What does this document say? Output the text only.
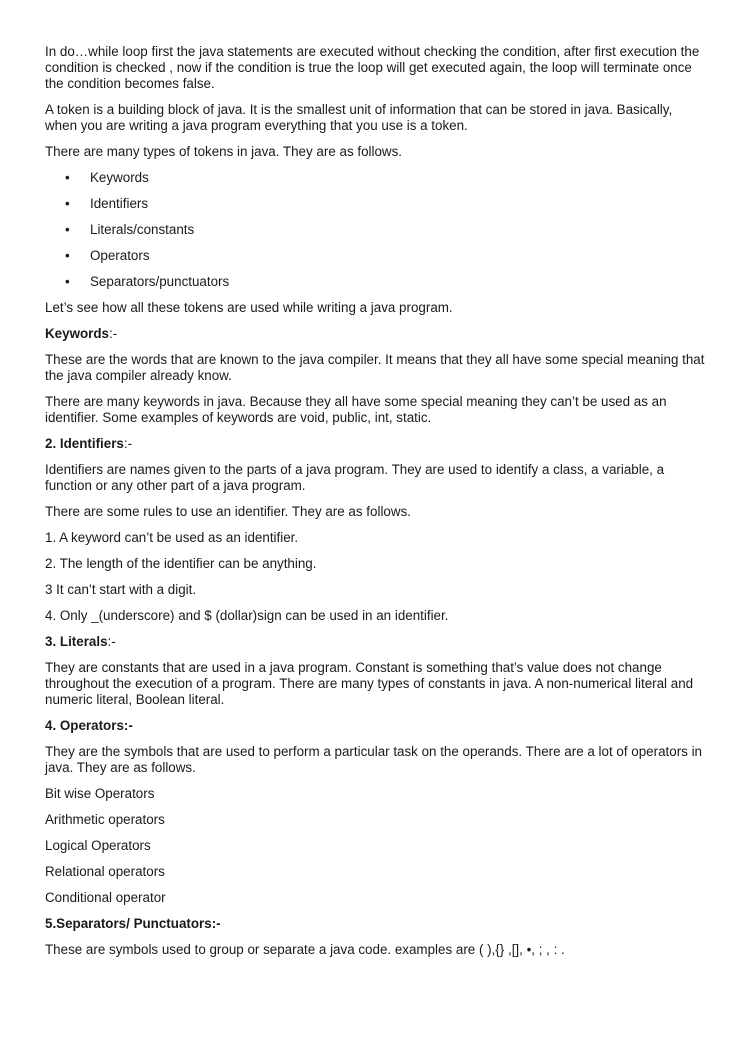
In do…while loop first the java statements are executed without checking the condition, after first execution the condition is checked , now if the condition is true the loop will get executed again, the loop will terminate once the condition becomes false.

A token is a building block of java. It is the smallest unit of information that can be stored in java. Basically, when you are writing a java program everything that you use is a token.

There are many types of tokens in java. They are as follows.

• Keywords
• Identifiers
• Literals/constants
• Operators
• Separators/punctuators

Let’s see how all these tokens are used while writing a java program.

Keywords:-

These are the words that are known to the java compiler. It means that they all have some special meaning that the java compiler already know.

There are many keywords in java. Because they all have some special meaning they can’t be used as an identifier. Some examples of keywords are void, public, int, static.

2. Identifiers:-

Identifiers are names given to the parts of a java program. They are used to identify a class, a variable, a function or any other part of a java program.

There are some rules to use an identifier. They are as follows.

1. A keyword can’t be used as an identifier.

2. The length of the identifier can be anything.

3 It can’t start with a digit.

4. Only _(underscore) and $ (dollar)sign can be used in an identifier.

3. Literals:-

They are constants that are used in a java program. Constant is something that’s value does not change throughout the execution of a program. There are many types of constants in java. A non-numerical literal and numeric literal, Boolean literal.

4. Operators:-

They are the symbols that are used to perform a particular task on the operands. There are a lot of operators in java. They are as follows.

Bit wise Operators

Arithmetic operators

Logical Operators

Relational operators

Conditional operator

5.Separators/ Punctuators:-

These are symbols used to group or separate a java code. examples are ( ),{} ,[], •, ; , : .
